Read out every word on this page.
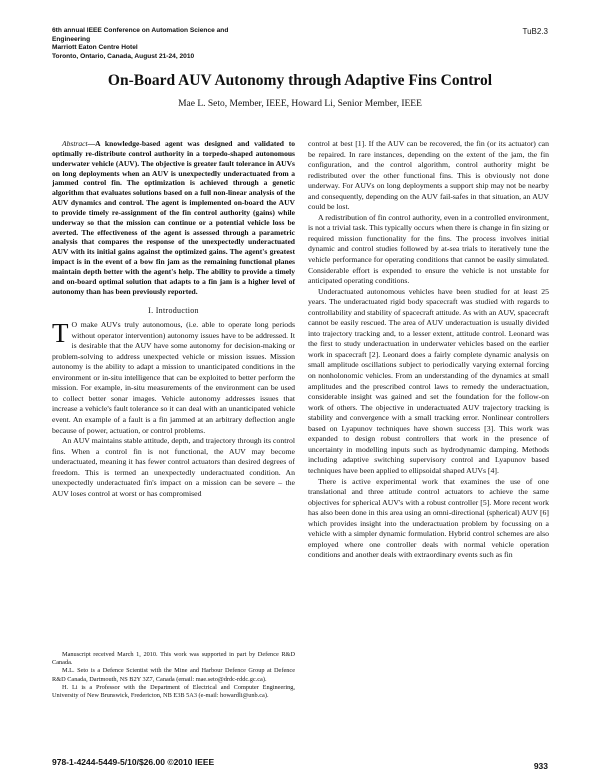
6th annual IEEE Conference on Automation Science and
Engineering
Marriott Eaton Centre Hotel
Toronto, Ontario, Canada, August 21-24, 2010
TuB2.3
On-Board AUV Autonomy through Adaptive Fins Control
Mae L. Seto, Member, IEEE, Howard Li, Senior Member, IEEE

Abstract—A knowledge-based agent was designed and validated to optimally re-distribute control authority in a torpedo-shaped autonomous underwater vehicle (AUV). The objective is greater fault tolerance in AUVs on long deployments when an AUV is unexpectedly underactuated from a jammed control fin. The optimization is achieved through a genetic algorithm that evaluates solutions based on a full non-linear analysis of the AUV dynamics and control. The agent is implemented on-board the AUV to provide timely re-assignment of the fin control authority (gains) while underway so that the mission can continue or a potential vehicle loss be averted. The effectiveness of the agent is assessed through a parametric analysis that compares the response of the unexpectedly underactuated AUV with its initial gains against the optimized gains. The agent's greatest impact is in the event of a bow fin jam as the remaining functional planes maintain depth better with the agent's help. The ability to provide a timely and on-board optimal solution that adapts to a fin jam is a higher level of autonomy than has been previously reported.

I. Introduction

T O make AUVs truly autonomous, (i.e. able to operate long periods without operator intervention) autonomy issues have to be addressed. It is desirable that the AUV have some autonomy for decision-making or problem-solving to address unexpected vehicle or mission issues. Mission autonomy is the ability to adapt a mission to unanticipated conditions in the environment or in-situ intelligence that can be exploited to better perform the mission. For example, in-situ measurements of the environment can be used to collect better sonar images. Vehicle autonomy addresses issues that increase a vehicle's fault tolerance so it can deal with an unanticipated vehicle event. An example of a fault is a fin jammed at an arbitrary deflection angle because of power, actuation, or control problems.

An AUV maintains stable attitude, depth, and trajectory through its control fins. When a control fin is not functional, the AUV may become underactuated, meaning it has fewer control actuators than desired degrees of freedom. This is termed an unexpectedly underactuated condition. An unexpectedly underactuated fin's impact on a mission can be severe – the AUV loses control at worst or has compromised

Manuscript received March 1, 2010. This work was supported in part by Defence R&D Canada.

M.L. Seto is a Defence Scientist with the Mine and Harbour Defence Group at Defence R&D Canada, Dartmouth, NS B2Y 3Z7, Canada (email: mae.seto@drdc-rddc.gc.ca).

H. Li is a Professor with the Department of Electrical and Computer Engineering, University of New Brunswick, Fredericton, NB E3B 5A3 (e-mail: howardli@unb.ca).

control at best [1]. If the AUV can be recovered, the fin (or its actuator) can be repaired. In rare instances, depending on the extent of the jam, the fin configuration, and the control algorithm, control authority might be redistributed over the other functional fins. This is obviously not done underway. For AUVs on long deployments a support ship may not be nearby and consequently, depending on the AUV fail-safes in that situation, an AUV could be lost.

A redistribution of fin control authority, even in a controlled environment, is not a trivial task. This typically occurs when there is change in fin sizing or required mission functionality for the fins. The process involves initial dynamic and control studies followed by at-sea trials to iteratively tune the vehicle performance for operating conditions that cannot be easily simulated. Considerable effort is expended to ensure the vehicle is not unstable for anticipated operating conditions.

Underactuated autonomous vehicles have been studied for at least 25 years. The underactuated rigid body spacecraft was studied with regards to controllability and stability of spacecraft attitude. As with an AUV, spacecraft cannot be easily rescued. The area of AUV underactuation is usually divided into trajectory tracking and, to a lesser extent, attitude control. Leonard was the first to study underactuation in underwater vehicles based on the earlier work in spacecraft [2]. Leonard does a fairly complete dynamic analysis on small amplitude oscillations subject to periodically varying external forcing on nonholonomic vehicles. From an understanding of the dynamics at small amplitudes and the prescribed control laws to remedy the underactuation, considerable insight was gained and set the foundation for the follow-on work of others. The objective in underactuated AUV trajectory tracking is stability and convergence with a small tracking error. Nonlinear controllers based on Lyapunov techniques have shown success [3]. This work was expanded to design robust controllers that work in the presence of uncertainty in modelling inputs such as hydrodynamic damping. Methods including adaptive switching supervisory control and Lyapunov based techniques have been applied to ellipsoidal shaped AUVs [4].

There is active experimental work that examines the use of one translational and three attitude control actuators to achieve the same objectives for spherical AUV's with a robust controller [5]. More recent work has also been done in this area using an omni-directional (spherical) AUV [6] which provides insight into the underactuation problem by focussing on a vehicle with a simpler dynamic formulation. Hybrid control schemes are also employed where one controller deals with normal vehicle operation conditions and another deals with extraordinary events such as fin

978-1-4244-5449-5/10/$26.00 ©2010 IEEE	933
